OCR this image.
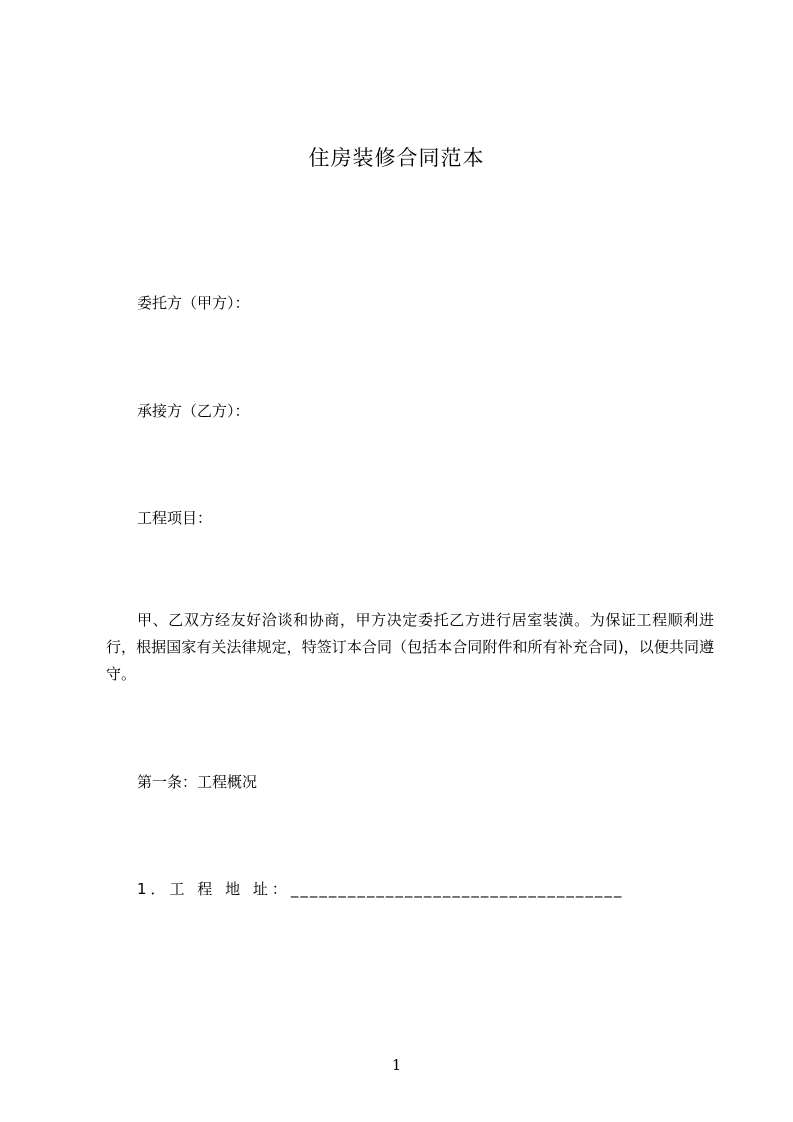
住房装修合同范本
委托方（甲方）：
承接方（乙方）：
工程项目：
甲、乙双方经友好洽谈和协商，甲方决定委托乙方进行居室装潢。为保证工程顺利进行，根据国家有关法律规定，特签订本合同（包括本合同附件和所有补充合同)，以便共同遵守。
第一条：工程概况
1．工 程 地 址：___________________________________
1
